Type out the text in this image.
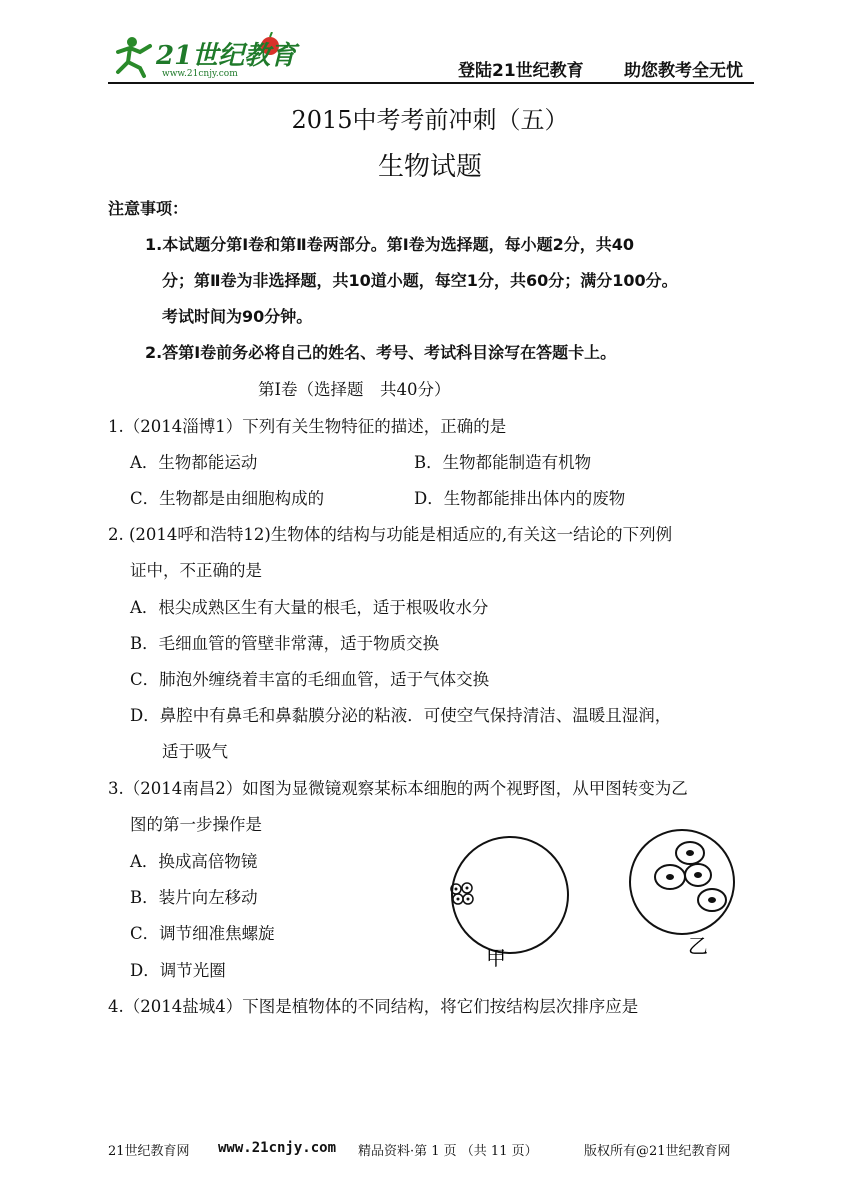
21世纪教育
www.21cnjy.com	登陆21世纪教育 助您教考全无忧
2015中考考前冲刺（五）
生物试题
注意事项：
1.本试题分第Ⅰ卷和第Ⅱ卷两部分。第Ⅰ卷为选择题，每小题2分，共40
分；第Ⅱ卷为非选择题，共10道小题，每空1分，共60分；满分100分。
考试时间为90分钟。
2.答第Ⅰ卷前务必将自己的姓名、考号、考试科目涂写在答题卡上。
第Ⅰ卷（选择题　共40分）
1.（2014淄博1）下列有关生物特征的描述，正确的是
A．生物都能运动	B．生物都能制造有机物
C．生物都是由细胞构成的	D．生物都能排出体内的废物
2. (2014呼和浩特12)生物体的结构与功能是相适应的,有关这一结论的下列例
证中，不正确的是
A．根尖成熟区生有大量的根毛，适于根吸收水分
B．毛细血管的管壁非常薄，适于物质交换
C．肺泡外缠绕着丰富的毛细血管，适于气体交换
D．鼻腔中有鼻毛和鼻黏膜分泌的粘液．可使空气保持清洁、温暖且湿润，
适于吸气
3.（2014南昌2）如图为显微镜观察某标本细胞的两个视野图，从甲图转变为乙
图的第一步操作是
A．换成高倍物镜
B．装片向左移动
C．调节细准焦螺旋
D．调节光圈
甲	乙
4.（2014盐城4）下图是植物体的不同结构，将它们按结构层次排序应是
21世纪教育网 www.21cnjy.com 精品资料·第 1 页 （共 11 页）	版权所有@21世纪教育网
